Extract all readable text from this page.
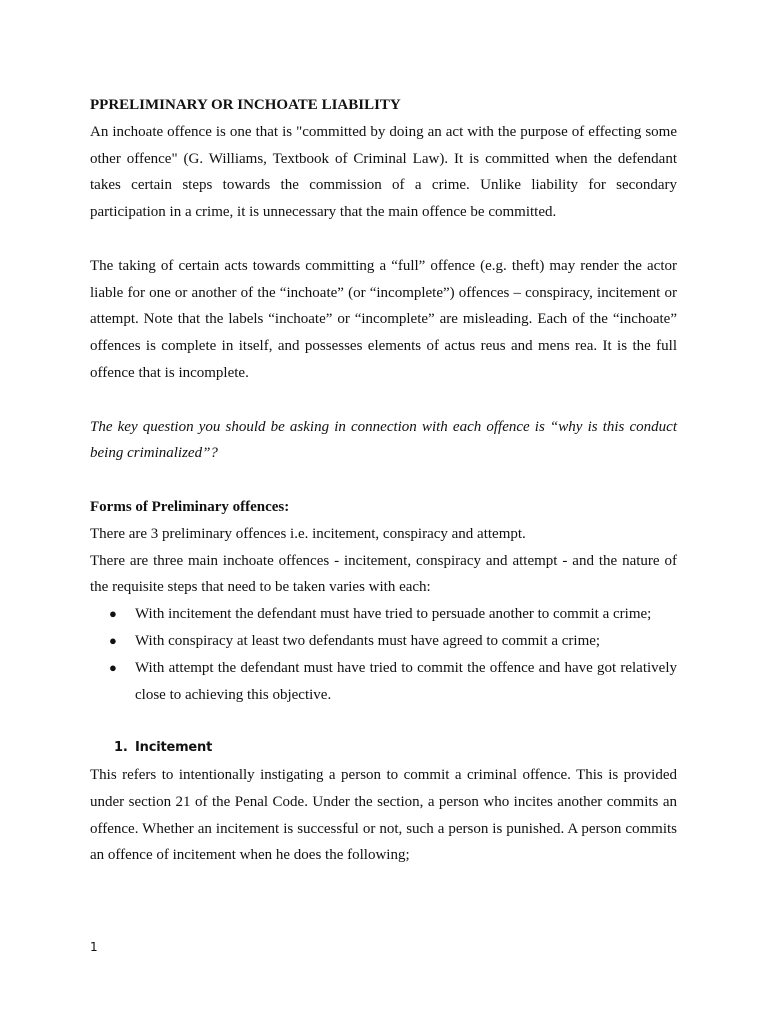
PPRELIMINARY OR INCHOATE LIABILITY

An inchoate offence is one that is "committed by doing an act with the purpose of effecting some other offence" (G. Williams, Textbook of Criminal Law). It is committed when the defendant takes certain steps towards the commission of a crime. Unlike liability for secondary participation in a crime, it is unnecessary that the main offence be committed.

The taking of certain acts towards committing a “full” offence (e.g. theft) may render the actor liable for one or another of the “inchoate” (or “incomplete”) offences – conspiracy, incitement or attempt. Note that the labels “inchoate” or “incomplete” are misleading. Each of the “inchoate” offences is complete in itself, and possesses elements of actus reus and mens rea. It is the full offence that is incomplete.

The key question you should be asking in connection with each offence is “why is this conduct being criminalized”?

Forms of Preliminary offences:

There are 3 preliminary offences i.e. incitement, conspiracy and attempt.

There are three main inchoate offences - incitement, conspiracy and attempt - and the nature of the requisite steps that need to be taken varies with each:

● With incitement the defendant must have tried to persuade another to commit a crime;
● With conspiracy at least two defendants must have agreed to commit a crime;
● With attempt the defendant must have tried to commit the offence and have got relatively close to achieving this objective.

1. Incitement

This refers to intentionally instigating a person to commit a criminal offence. This is provided under section 21 of the Penal Code. Under the section, a person who incites another commits an offence. Whether an incitement is successful or not, such a person is punished. A person commits an offence of incitement when he does the following;

1
